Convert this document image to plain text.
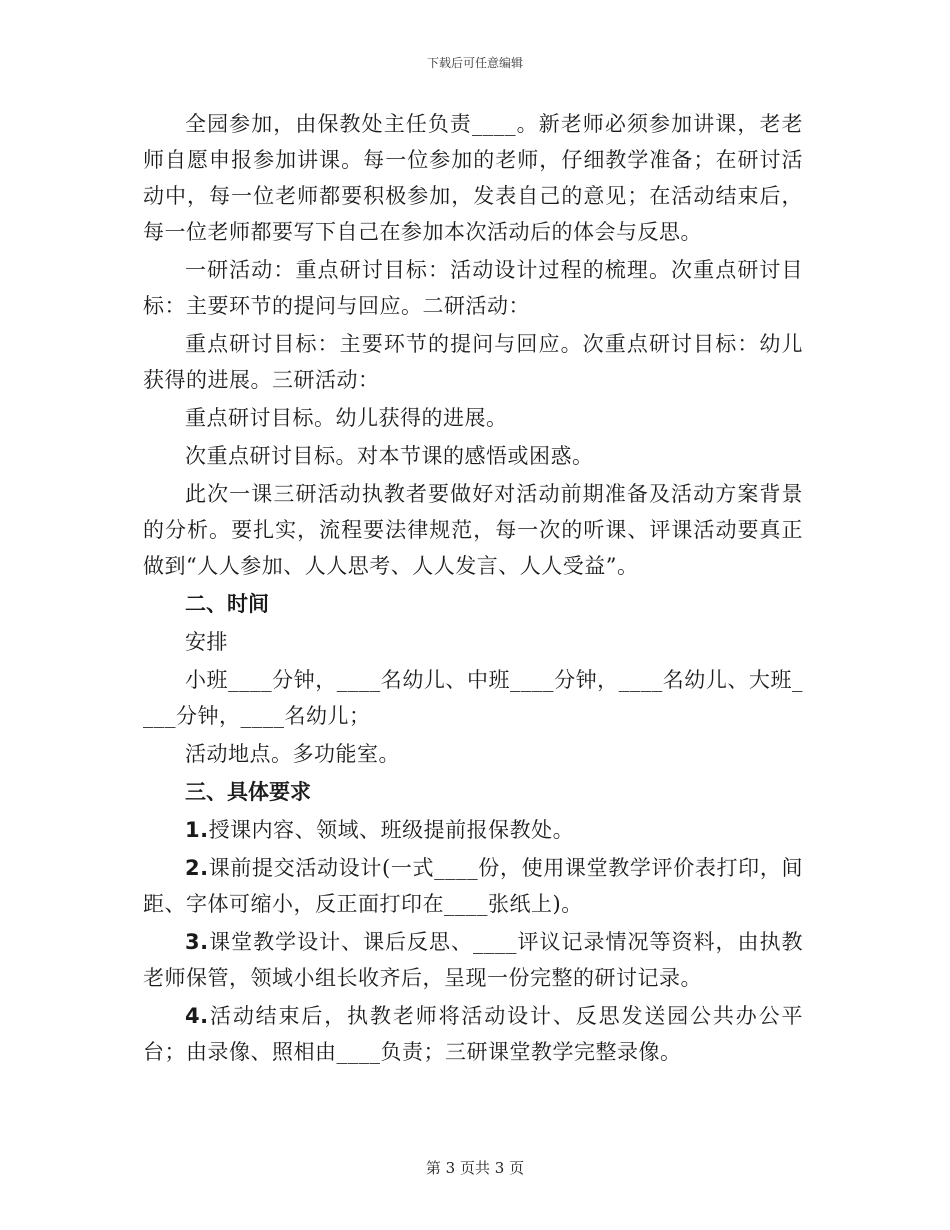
下载后可任意编辑

全园参加，由保教处主任负责____。新老师必须参加讲课，老老师自愿申报参加讲课。每一位参加的老师，仔细教学准备；在研讨活动中，每一位老师都要积极参加，发表自己的意见；在活动结束后，每一位老师都要写下自己在参加本次活动后的体会与反思。

一研活动：重点研讨目标：活动设计过程的梳理。次重点研讨目标：主要环节的提问与回应。二研活动：

重点研讨目标：主要环节的提问与回应。次重点研讨目标：幼儿获得的进展。三研活动：

重点研讨目标。幼儿获得的进展。

次重点研讨目标。对本节课的感悟或困惑。

此次一课三研活动执教者要做好对活动前期准备及活动方案背景的分析。要扎实，流程要法律规范，每一次的听课、评课活动要真正做到“人人参加、人人思考、人人发言、人人受益”。

二、时间

安排

小班____分钟，____名幼儿、中班____分钟，____名幼儿、大班____分钟，____名幼儿；

活动地点。多功能室。

三、具体要求

1.授课内容、领域、班级提前报保教处。

2.课前提交活动设计(一式____份，使用课堂教学评价表打印，间距、字体可缩小，反正面打印在____张纸上)。

3.课堂教学设计、课后反思、____评议记录情况等资料，由执教老师保管，领域小组长收齐后，呈现一份完整的研讨记录。

4.活动结束后，执教老师将活动设计、反思发送园公共办公平台；由录像、照相由____负责；三研课堂教学完整录像。

第 3 页共 3 页
